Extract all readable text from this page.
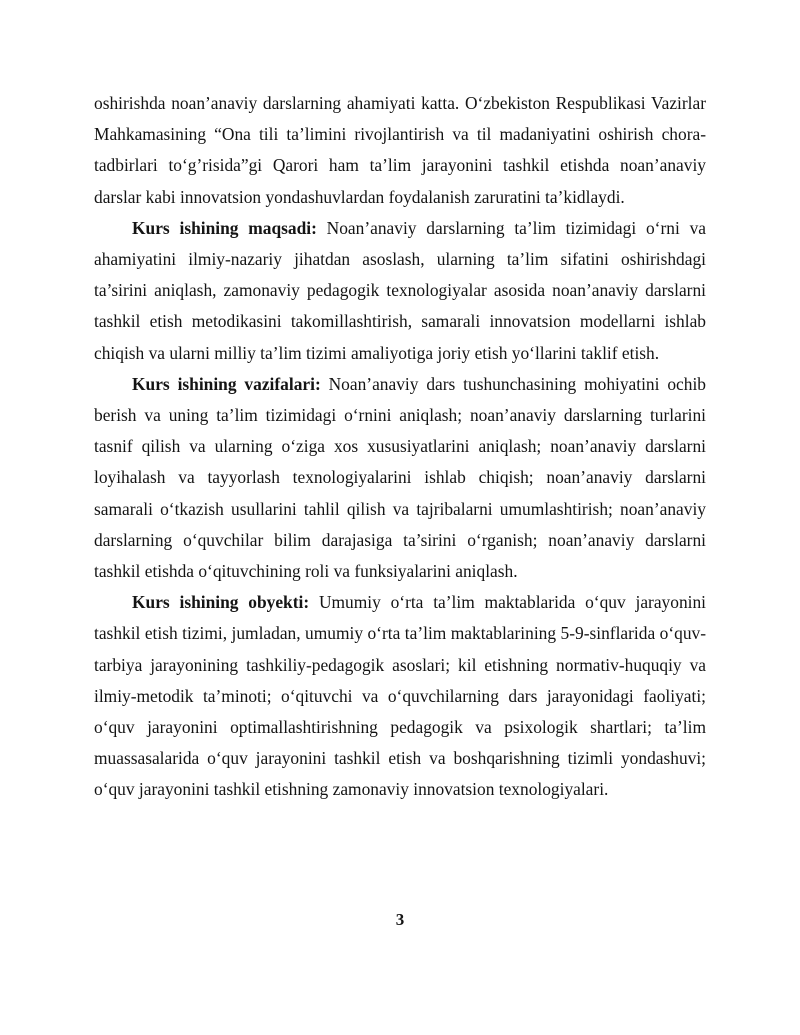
oshirishda noan’anaviy darslarning ahamiyati katta. O‘zbekiston Respublikasi Vazirlar Mahkamasining “Ona tili ta’limini rivojlantirish va til madaniyatini oshirish chora-tadbirlari to‘g’risida”gi Qarori ham ta’lim jarayonini tashkil etishda noan’anaviy darslar kabi innovatsion yondashuvlardan foydalanish zaruratini ta’kidlaydi.

Kurs ishining maqsadi: Noan’anaviy darslarning ta’lim tizimidagi o‘rni va ahamiyatini ilmiy-nazariy jihatdan asoslash, ularning ta’lim sifatini oshirishdagi ta’sirini aniqlash, zamonaviy pedagogik texnologiyalar asosida noan’anaviy darslarni tashkil etish metodikasini takomillashtirish, samarali innovatsion modellarni ishlab chiqish va ularni milliy ta’lim tizimi amaliyotiga joriy etish yo‘llarini taklif etish.

Kurs ishining vazifalari: Noan’anaviy dars tushunchasining mohiyatini ochib berish va uning ta’lim tizimidagi o‘rnini aniqlash; noan’anaviy darslarning turlarini tasnif qilish va ularning o‘ziga xos xususiyatlarini aniqlash; noan’anaviy darslarni loyihalash va tayyorlash texnologiyalarini ishlab chiqish; noan’anaviy darslarni samarali o‘tkazish usullarini tahlil qilish va tajribalarni umumlashtirish; noan’anaviy darslarning o‘quvchilar bilim darajasiga ta’sirini o‘rganish; noan’anaviy darslarni tashkil etishda o‘qituvchining roli va funksiyalarini aniqlash.

Kurs ishining obyekti: Umumiy o‘rta ta’lim maktablarida o‘quv jarayonini tashkil etish tizimi, jumladan, umumiy o‘rta ta’lim maktablarining 5-9-sinflarida o‘quv-tarbiya jarayonining tashkiliy-pedagogik asoslari; kil etishning normativ-huquqiy va ilmiy-metodik ta’minoti; o‘qituvchi va o‘quvchilarning dars jarayonidagi faoliyati; o‘quv jarayonini optimallashtirishning pedagogik va psixologik shartlari; ta’lim muassasalarida o‘quv jarayonini tashkil etish va boshqarishning tizimli yondashuvi; o‘quv jarayonini tashkil etishning zamonaviy innovatsion texnologiyalari.

3
